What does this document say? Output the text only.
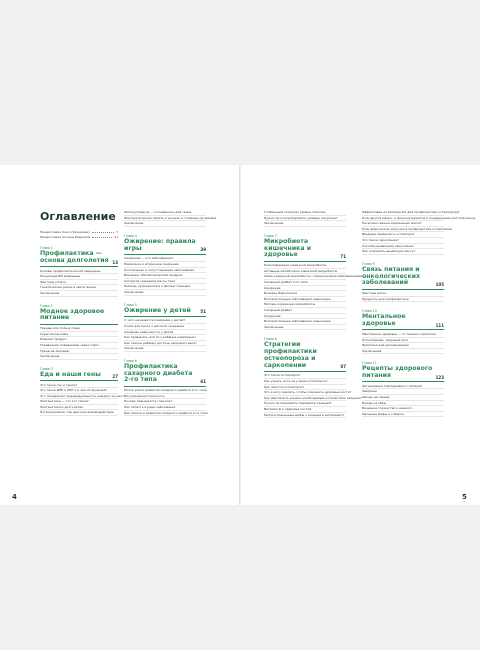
4	5
Оглавление
Предисловие Ольги Фрацкевич	7
Предисловие Оксаны Бадьиной	11
Глава 1
Профилактика — основа долголетия 13
Основы профилактической медицины
Концепция ВП медицины
Факторы успеха
Генетические риски в свете жизни
Заключение
Глава 2
Модное здоровое питание
Тренды или пользу пищи
Скрытая реклама
Модный продукт
Управление поведением через спрос
Тренд на лиходей
Заключение
Глава 3
Еда и наши гены	27
Что такое ген и геном?
Что такое ДНК и РНК и в чем их функция?
Что определяет индивидуальность каждого из нас?
Эпигенетика — что это такое?
Эпигенетика и долголетие
Нутригеномика. Ген-диетное взаимодействие
Фитонутриенты — полифенолы для генов
Эпигенетическая память и ее роль в старении организма
Заключение
Глава 4
Ожирение: правила игры	39
Ожирение — это заболевание?
Первичное и вторичное ожирение
Осложнения и сопутствующие заболевания
Виновник: Метаболический синдром
Алгоритм снижения массы тела
Помощь нутрициолога и фитнес-тренера
Заключение
Глава 5
Ожирение у детей	51
С чего начинается ожирение у детей?
Слово для мозга о детском ожирении
Сахарная зависимость у детей
Как проверить, всё ли у ребёнка нормально?
Как помочь ребёнку достичь здорового веса?
Заключение
Глава 6
Профилактика сахарного диабета 2-го типа	61
Мотор риска развития сахарного диабета 2-го типа
Инсулинорезистентность
Почему повышается глюкоза?
Как попасть в ряды заболевших
Как помочь в развитии сахарного диабета 2-го типа
Глобальный контроль уровня глюкозы
Нужно ли контролировать уровень инсулина?
Заключение
Глава 7
Микробиота кишечника и здоровье	71
Классификация кишечной микробиоты
Активные метаболиты кишечной микробиоты
Связь кишечной микробиоты с хроническими заболеваниями
Сахарный диабет 2-го типа
Ожирение
Болезнь Паркинсона
Воспалительные заболевания кишечника
Методы коррекции микробиоты
Сахарный диабет
Ожирение
Воспалительные заболевания кишечника
Заключение
Глава 8
Стратегии профилактики остеопороза и саркопении	87
Что такое остеопороз?
Как узнать, есть ли у меня остеопороз?
Как лечится остеопороз?
Что я могу сделать, чтобы сохранить здоровые кости?
Как обеспечить рацион необходимым количеством кальция?
Нужно ли принимать препараты кальция?
Витамин D и здоровье костей
Распространенные мифы о кальции и витамине D
Эффективен ли витамин К2 для профилактики остеопороза?
Роль других макро- и микронутриентов в поддержании костной массы
Насколько важна нормальная масса?
Роль физической нагрузки в профилактике остеопороза
Вредные привычки и остеопороз
Что такое саркопения?
Способы выявления саркопении
Как сохранить мышечную массу?
Глава 9
Связь питания и онкологических заболеваний	105
Факторы риска
Продукты для профилактики
Глава 10
Ментальное здоровье	111
Ментальное здоровье — от теории к практике
Когнитивный, здоровый мозг
Практические рекомендации
Заключение
Глава 11
Рецепты здорового питания	123
Организация повседневного питания
Завтраки
Овощи на гарнир
Блюда на обед
Вечерние торжество и немного
Овощные мифы и сладкое
